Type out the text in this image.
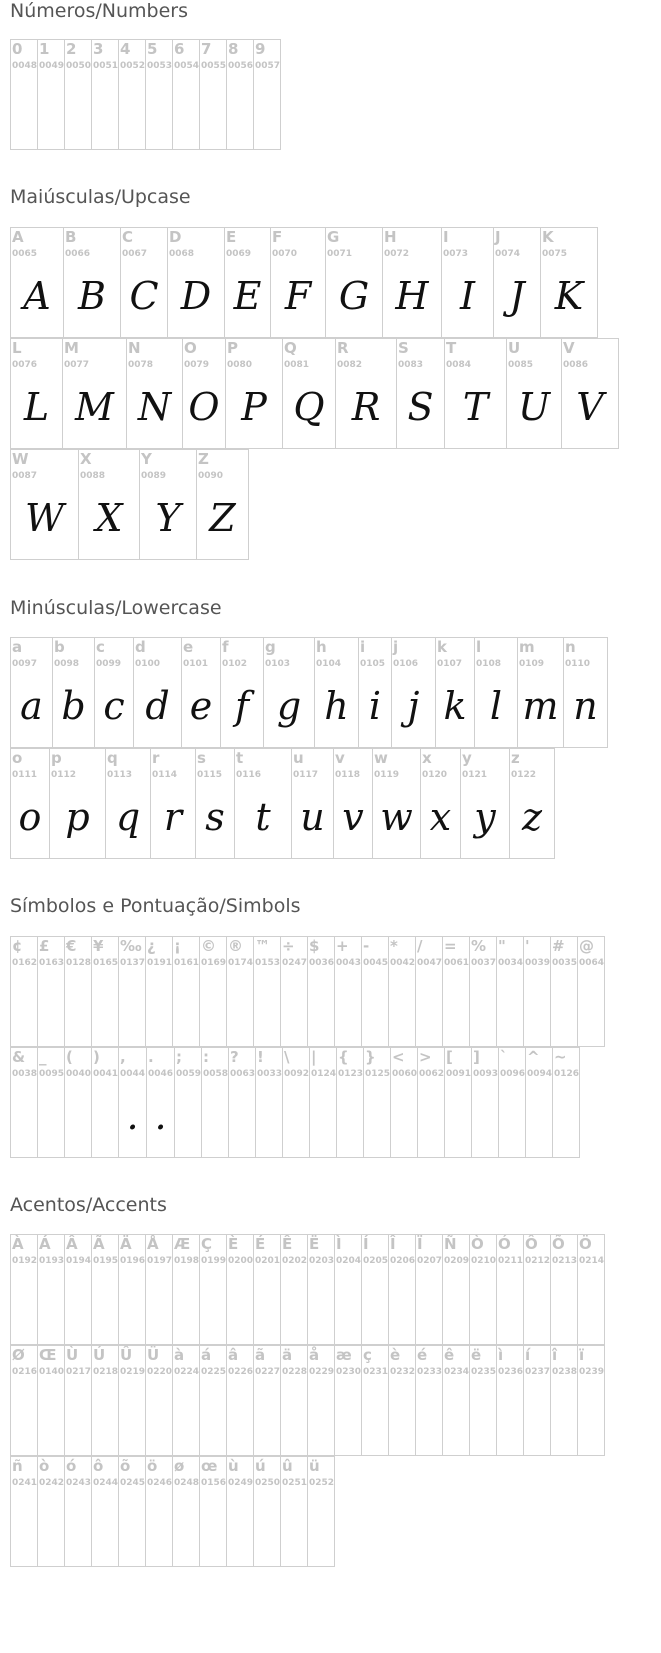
Números/Numbers
0
0048
1
0049
2
0050
3
0051
4
0052
5
0053
6
0054
7
0055
8
0056
9
0057
Maiúsculas/Upcase
A
0065
A
B
0066
B
C
0067
C
D
0068
D
E
0069
E
F
0070
F
G
0071
G
H
0072
H
I
0073
I
J
0074
J
K
0075
K
L
0076
L
M
0077
M
N
0078
N
O
0079
O
P
0080
P
Q
0081
Q
R
0082
R
S
0083
S
T
0084
T
U
0085
U
V
0086
V
W
0087
W
X
0088
X
Y
0089
Y
Z
0090
Z
Minúsculas/Lowercase
a
0097
a
b
0098
b
c
0099
c
d
0100
d
e
0101
e
f
0102
f
g
0103
g
h
0104
h
i
0105
i
j
0106
j
k
0107
k
l
0108
l
m
0109
m
n
0110
n
o
0111
o
p
0112
p
q
0113
q
r
0114
r
s
0115
s
t
0116
t
u
0117
u
v
0118
v
w
0119
w
x
0120
x
y
0121
y
z
0122
z
Símbolos e Pontuação/Simbols
¢
0162
£
0163
€
0128
¥
0165
‰
0137
¿
0191
¡
0161
©
0169
®
0174
™
0153
÷
0247
$
0036
+
0043
-
0045
*
0042
/
0047
=
0061
%
0037
"
0034
'
0039
#
0035
@
0064
&
0038
_
0095
(
0040
)
0041
,
0044
.
.
0046
.
;
0059
:
0058
?
0063
!
0033
\
0092
|
0124
{
0123
}
0125
<
0060
>
0062
[
0091
]
0093
`
0096
^
0094
~
0126
Acentos/Accents
À
0192
Á
0193
Â
0194
Ã
0195
Ä
0196
Å
0197
Æ
0198
Ç
0199
È
0200
É
0201
Ê
0202
Ë
0203
Ì
0204
Í
0205
Î
0206
Ï
0207
Ñ
0209
Ò
0210
Ó
0211
Ô
0212
Õ
0213
Ö
0214
Ø
0216
Œ
0140
Ù
0217
Ú
0218
Û
0219
Ü
0220
à
0224
á
0225
â
0226
ã
0227
ä
0228
å
0229
æ
0230
ç
0231
è
0232
é
0233
ê
0234
ë
0235
ì
0236
í
0237
î
0238
ï
0239
ñ
0241
ò
0242
ó
0243
ô
0244
õ
0245
ö
0246
ø
0248
œ
0156
ù
0249
ú
0250
û
0251
ü
0252
